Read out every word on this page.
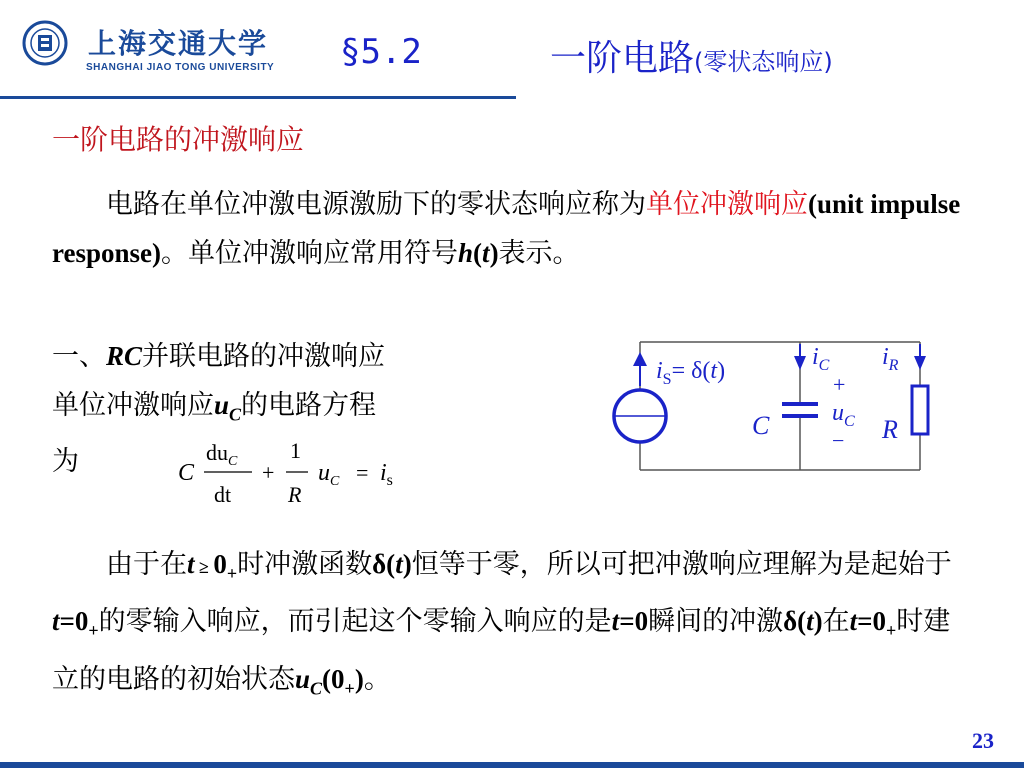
上海交通大学
SHANGHAI JIAO TONG UNIVERSITY §5.2	一阶电路(零状态响应)
一阶电路的冲激响应
　　电路在单位冲激电源激励下的零状态响应称为单位冲激响应(unit impulse response)。单位冲激响应常用符号h(t)表示。
一、RC并联电路的冲激响应
单位冲激响应$u_C$的电路方程
为
$i_S= \delta(t)$
$i_C$ $i_R$
+
−
$u_C$
C	R
C
$du_C$
dt
+
1
R
$u_C = i_s$
　　由于在$t \ge 0_+$时冲激函数δ(t)恒等于零，所以可把冲激响应理解为是起始于$t=0_+$的零输入响应，而引起这个零输入响应的是t=0瞬间的冲激δ(t)在$t=0_+$时建立的电路的初始状态$u_C(0_+)$。
23
